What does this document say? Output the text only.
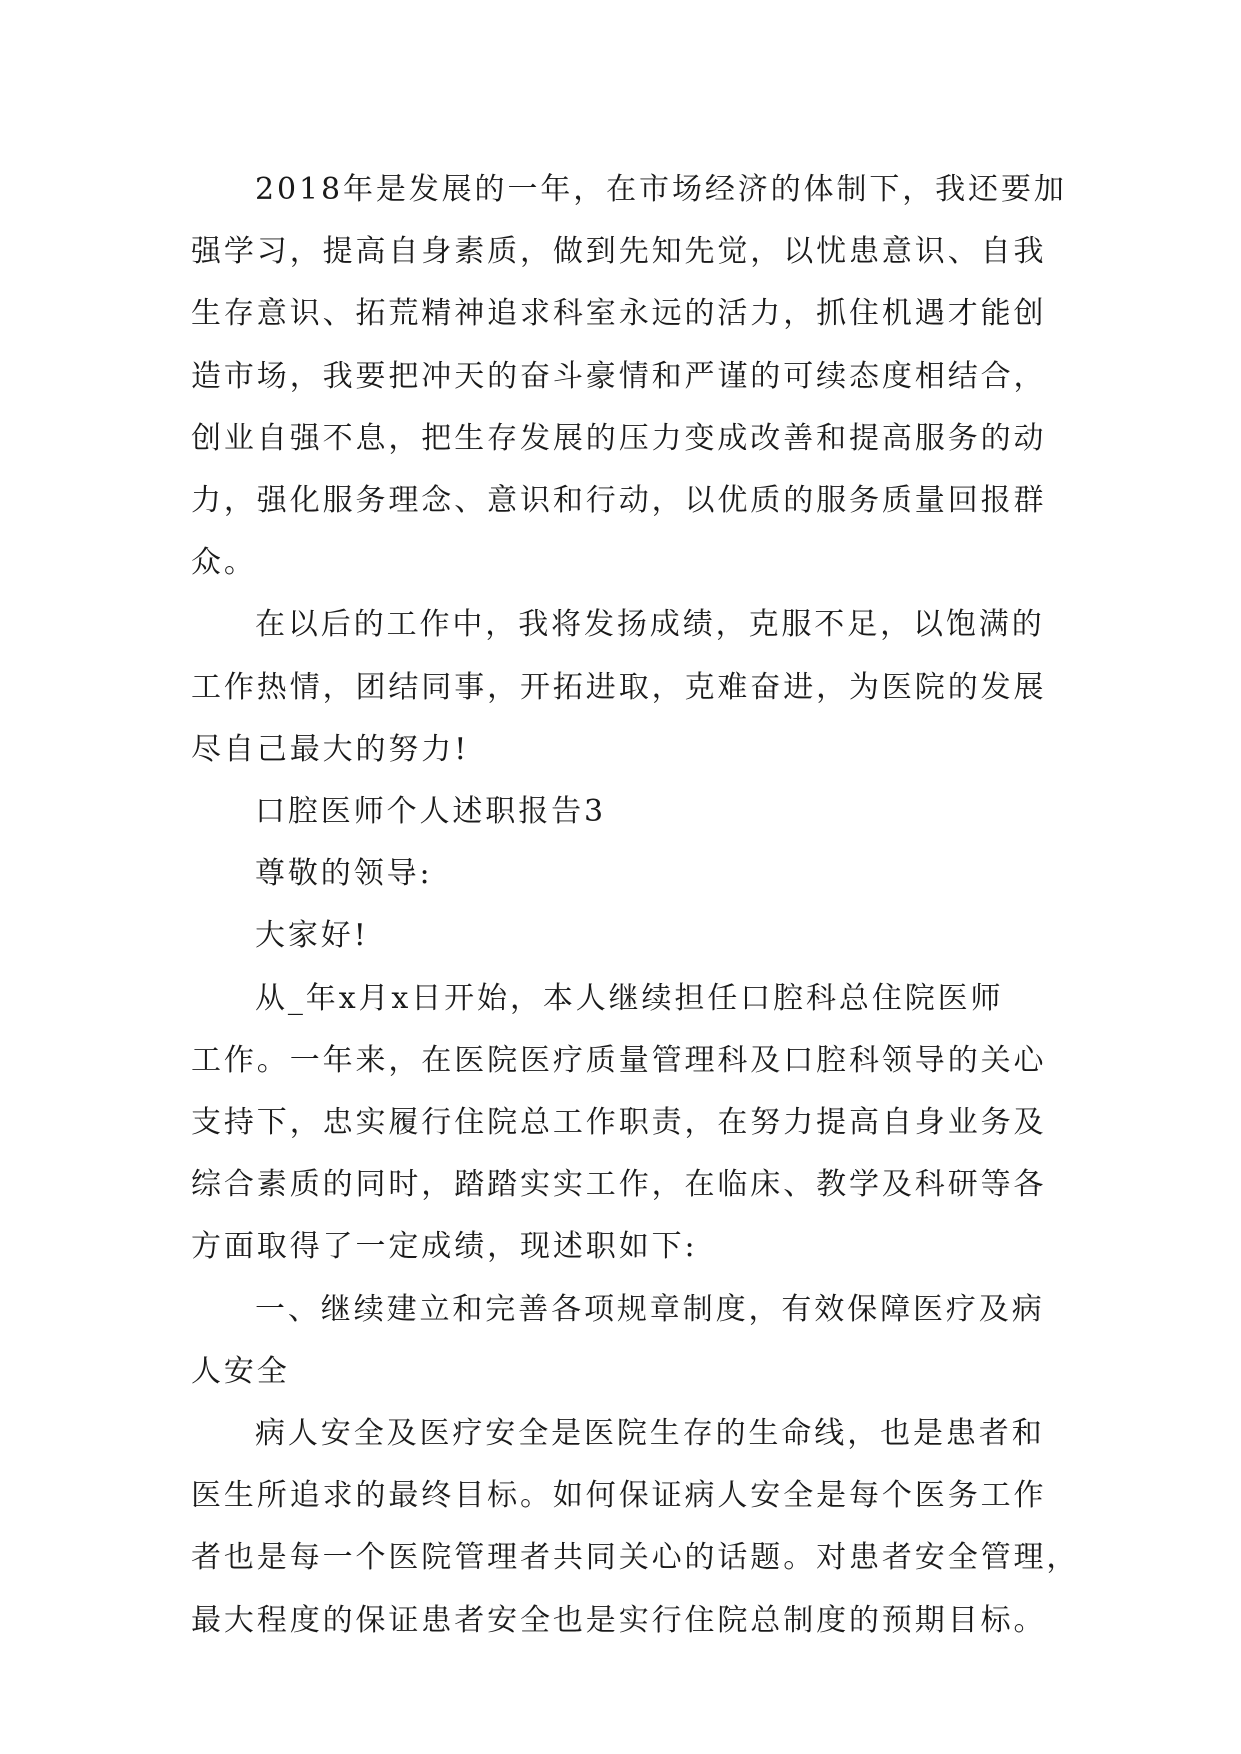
2018年是发展的一年，在市场经济的体制下，我还要加
强学习，提高自身素质，做到先知先觉，以忧患意识、自我
生存意识、拓荒精神追求科室永远的活力，抓住机遇才能创
造市场，我要把冲天的奋斗豪情和严谨的可续态度相结合，
创业自强不息，把生存发展的压力变成改善和提高服务的动
力，强化服务理念、意识和行动，以优质的服务质量回报群
众。
在以后的工作中，我将发扬成绩，克服不足，以饱满的
工作热情，团结同事，开拓进取，克难奋进，为医院的发展
尽自己最大的努力!
口腔医师个人述职报告3
尊敬的领导:
大家好!
从_年x月x日开始，本人继续担任口腔科总住院医师
工作。一年来，在医院医疗质量管理科及口腔科领导的关心
支持下，忠实履行住院总工作职责，在努力提高自身业务及
综合素质的同时，踏踏实实工作，在临床、教学及科研等各
方面取得了一定成绩，现述职如下:
一、继续建立和完善各项规章制度，有效保障医疗及病
人安全
病人安全及医疗安全是医院生存的生命线，也是患者和
医生所追求的最终目标。如何保证病人安全是每个医务工作
者也是每一个医院管理者共同关心的话题。对患者安全管理，
最大程度的保证患者安全也是实行住院总制度的预期目标。
